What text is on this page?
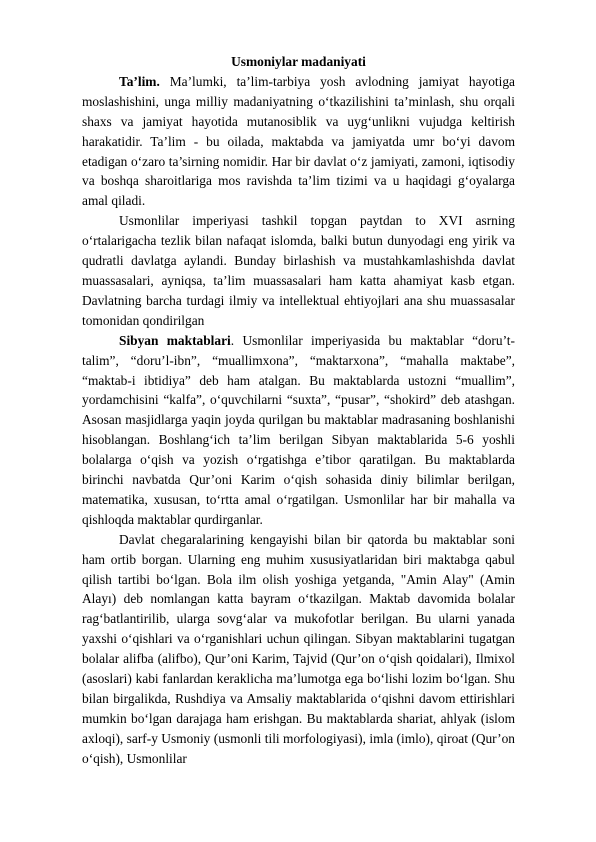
Usmoniylar madaniyati

Ta’lim. Ma’lumki, ta’lim-tarbiya yosh avlodning jamiyat hayotiga moslashishini, unga milliy madaniyatning oʻtkazilishini ta’minlash, shu orqali shaxs va jamiyat hayotida mutanosiblik va uygʻunlikni vujudga keltirish harakatidir. Ta’lim - bu oilada, maktabda va jamiyatda umr boʻyi davom etadigan oʻzaro ta’sirning nomidir. Har bir davlat oʻz jamiyati, zamoni, iqtisodiy va boshqa sharoitlariga mos ravishda ta’lim tizimi va u haqidagi gʻoyalarga amal qiladi.

Usmonlilar imperiyasi tashkil topgan paytdan to XVI asrning oʻrtalarigacha tezlik bilan nafaqat islomda, balki butun dunyodagi eng yirik va qudratli davlatga aylandi. Bunday birlashish va mustahkamlashishda davlat muassasalari, ayniqsa, ta’lim muassasalari ham katta ahamiyat kasb etgan. Davlatning barcha turdagi ilmiy va intellektual ehtiyojlari ana shu muassasalar tomonidan qondirilgan

Sibyan maktablari. Usmonlilar imperiyasida bu maktablar “doru’t-talim”, “doru’l-ibn”, “muallimxona”, “maktarxona”, “mahalla maktabe”, “maktab-i ibtidiya” deb ham atalgan. Bu maktablarda ustozni “muallim”, yordamchisini “kalfa”, oʻquvchilarni “suxta”, “pusar”, “shokird” deb atashgan. Asosan masjidlarga yaqin joyda qurilgan bu maktablar madrasaning boshlanishi hisoblangan. Boshlangʻich ta’lim berilgan Sibyan maktablarida 5-6 yoshli bolalarga oʻqish va yozish oʻrgatishga e’tibor qaratilgan. Bu maktablarda birinchi navbatda Qur’oni Karim oʻqish sohasida diniy bilimlar berilgan, matematika, xususan, toʻrtta amal oʻrgatilgan. Usmonlilar har bir mahalla va qishloqda maktablar qurdirganlar.

Davlat chegaralarining kengayishi bilan bir qatorda bu maktablar soni ham ortib borgan. Ularning eng muhim xususiyatlaridan biri maktabga qabul qilish tartibi boʻlgan. Bola ilm olish yoshiga yetganda, "Amin Alay" (Amin Alayı) deb nomlangan katta bayram oʻtkazilgan. Maktab davomida bolalar ragʻbatlantirilib, ularga sovgʻalar va mukofotlar berilgan. Bu ularni yanada yaxshi oʻqishlari va oʻrganishlari uchun qilingan. Sibyan maktablarini tugatgan bolalar alifba (alifbo), Qur’oni Karim, Tajvid (Qur’on oʻqish qoidalari), Ilmixol (asoslari) kabi fanlardan keraklicha ma’lumotga ega boʻlishi lozim boʻlgan. Shu bilan birgalikda, Rushdiya va Amsaliy maktablarida oʻqishni davom ettirishlari mumkin boʻlgan darajaga ham erishgan. Bu maktablarda shariat, ahlyak (islom axloqi), sarf-y Usmoniy (usmonli tili morfologiyasi), imla (imlo), qiroat (Qur’on oʻqish), Usmonlilar
